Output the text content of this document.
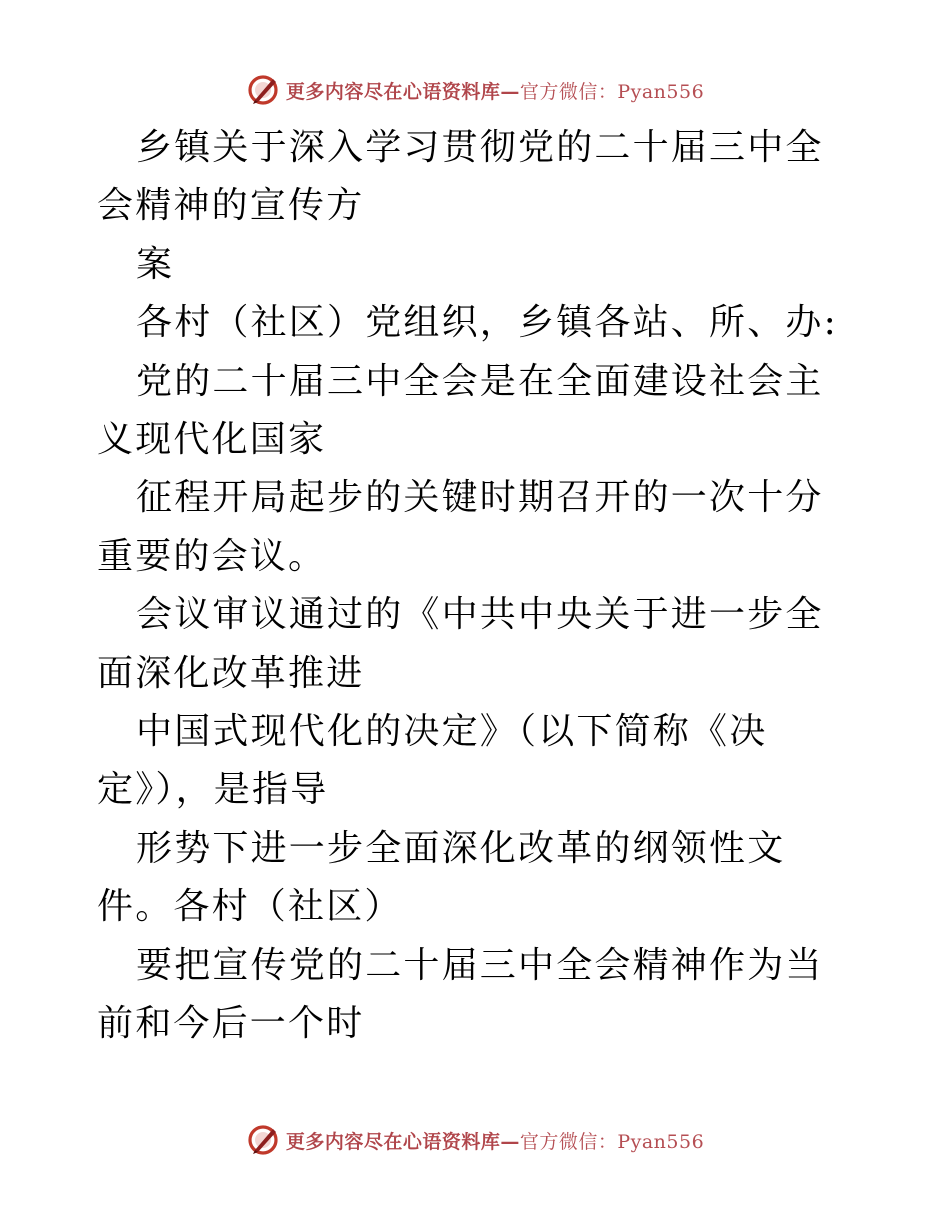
更多内容尽在心语资料库—官方微信：Pyan556

乡镇关于深入学习贯彻党的二十届三中全会精神的宣传方

案

各村（社区）党组织，乡镇各站、所、办:

党的二十届三中全会是在全面建设社会主义现代化国家

征程开局起步的关键时期召开的一次十分重要的会议。

会议审议通过的《中共中央关于进一步全面深化改革推进

中国式现代化的决定》（以下简称《决定》），是指导

形势下进一步全面深化改革的纲领性文件。各村（社区）

要把宣传党的二十届三中全会精神作为当前和今后一个时

更多内容尽在心语资料库—官方微信：Pyan556
